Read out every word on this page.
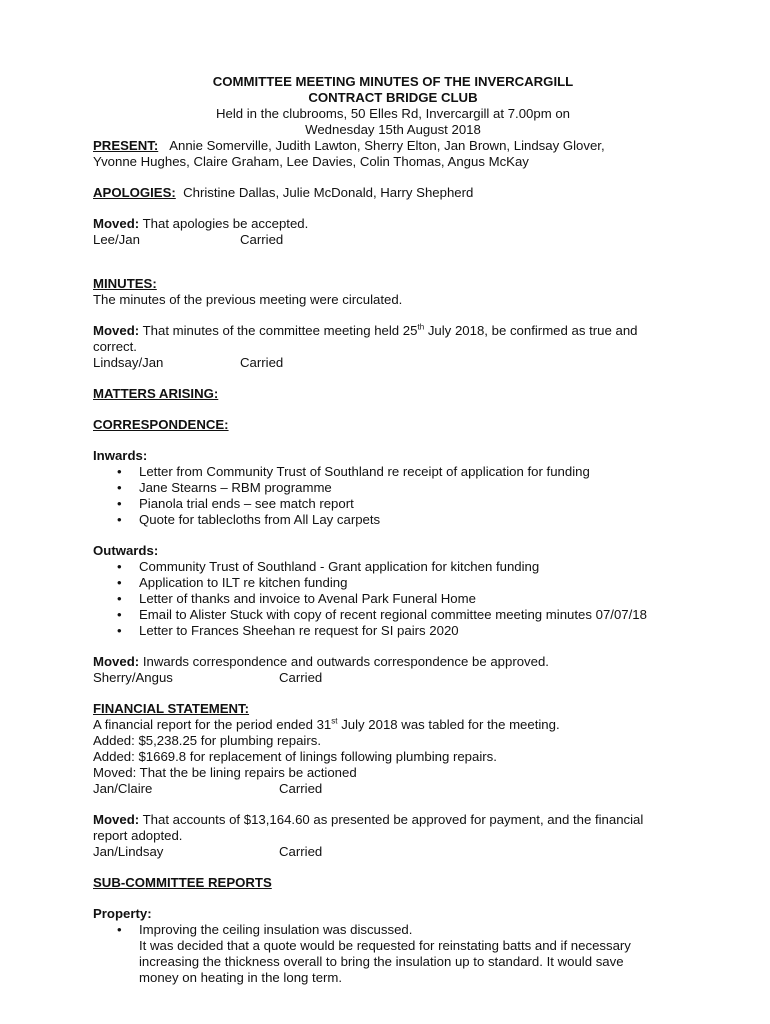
COMMITTEE MEETING MINUTES OF THE INVERCARGILL

CONTRACT BRIDGE CLUB

Held in the clubrooms, 50 Elles Rd, Invercargill at 7.00pm on

Wednesday 15th August 2018

PRESENT: Annie Somerville, Judith Lawton, Sherry Elton, Jan Brown, Lindsay Glover,

Yvonne Hughes, Claire Graham, Lee Davies, Colin Thomas, Angus McKay

APOLOGIES: Christine Dallas, Julie McDonald, Harry Shepherd

Moved: That apologies be accepted.

Lee/Jan	Carried

MINUTES:

The minutes of the previous meeting were circulated.

Moved: That minutes of the committee meeting held 25th July 2018, be confirmed as true and

correct.

Lindsay/Jan	Carried

MATTERS ARISING:

CORRESPONDENCE:

Inwards:

• Letter from Community Trust of Southland re receipt of application for funding
• Jane Stearns – RBM programme
• Pianola trial ends – see match report
• Quote for tablecloths from All Lay carpets

Outwards:

• Community Trust of Southland - Grant application for kitchen funding
• Application to ILT re kitchen funding
• Letter of thanks and invoice to Avenal Park Funeral Home
• Email to Alister Stuck with copy of recent regional committee meeting minutes 07/07/18
• Letter to Frances Sheehan re request for SI pairs 2020

Moved: Inwards correspondence and outwards correspondence be approved.

Sherry/Angus	Carried

FINANCIAL STATEMENT:

A financial report for the period ended 31st July 2018 was tabled for the meeting.

Added: $5,238.25 for plumbing repairs.

Added: $1669.8 for replacement of linings following plumbing repairs.

Moved: That the be lining repairs be actioned

Jan/Claire	Carried

Moved: That accounts of $13,164.60 as presented be approved for payment, and the financial

report adopted.

Jan/Lindsay	Carried

SUB-COMMITTEE REPORTS

Property:

• Improving the ceiling insulation was discussed.
It was decided that a quote would be requested for reinstating batts and if necessary
increasing the thickness overall to bring the insulation up to standard. It would save
money on heating in the long term.
